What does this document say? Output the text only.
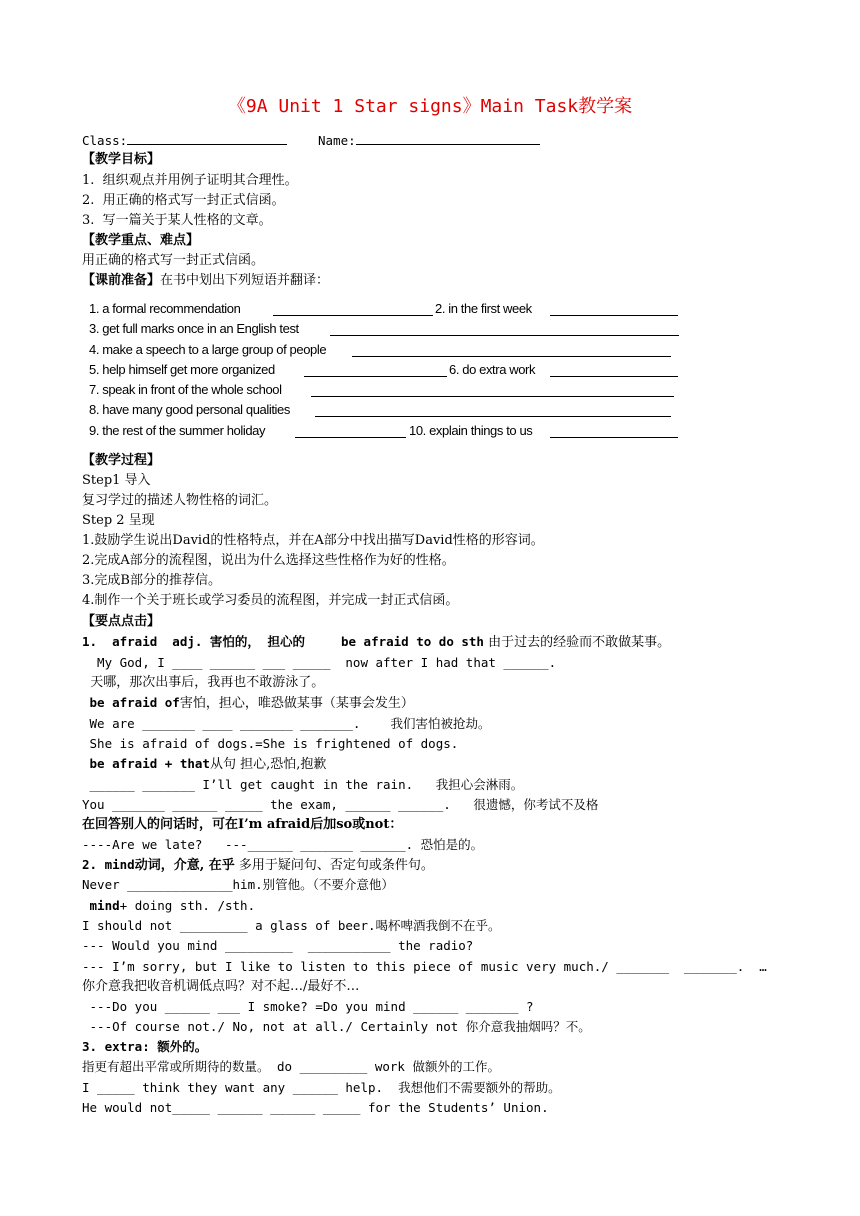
《9A Unit 1 Star signs》Main Task教学案
Class:	Name:
【教学目标】
1.  组织观点并用例子证明其合理性。
2.  用正确的格式写一封正式信函。
3.  写一篇关于某人性格的文章。
【教学重点、难点】
用正确的格式写一封正式信函。
【课前准备】在书中划出下列短语并翻译：
1. a formal recommendation	2. in the first week
3. get full marks once in an English test
4. make a speech to a large group of people
5. help himself get more organized	6. do extra work
7. speak in front of the whole school
8. have many good personal qualities
9. the rest of the summer holiday	10. explain things to us
【教学过程】
Step1 导入
复习学过的描述人物性格的词汇。
Step 2 呈现
1.鼓励学生说出David的性格特点，并在A部分中找出描写David性格的形容词。
2.完成A部分的流程图，说出为什么选择这些性格作为好的性格。
3.完成B部分的推荐信。
4.制作一个关于班长或学习委员的流程图，并完成一封正式信函。
【要点点击】
1.  afraid  adj. 害怕的， 担心的	be afraid to do sth 由于过去的经验而不敢做某事。
My God, I ____ ______ ___ _____  now after I had that ______.
天哪，那次出事后，我再也不敢游泳了。
be afraid of害怕，担心，唯恐做某事（某事会发生）
We are _______ ____ _______ _______.    我们害怕被抢劫。
She is afraid of dogs.=She is frightened of dogs.
be afraid + that从句 担心,恐怕,抱歉
______ _______ I’ll get caught in the rain.   我担心会淋雨。
You _______ ______ _____ the exam, ______ ______.   很遗憾，你考试不及格
在回答别人的问话时，可在I’m afraid后加so或not：
----Are we late?   ---______ _______ ______. 恐怕是的。
2. mind动词，介意, 在乎 多用于疑问句、否定句或条件句。
Never ______________him.别管他。（不要介意他）
mind+ doing sth. /sth.
I should not _________ a glass of beer.喝杯啤酒我倒不在乎。
--- Would you mind _________  ___________ the radio?
--- I’m sorry, but I like to listen to this piece of music very much./ _______  _______.  …
你介意我把收音机调低点吗？对不起…/最好不…
---Do you ______ ___ I smoke? =Do you mind ______ _______ ?
---Of course not./ No, not at all./ Certainly not 你介意我抽烟吗？不。
3. extra: 额外的。
指更有超出平常或所期待的数量。 do _________ work 做额外的工作。
I _____ think they want any ______ help.  我想他们不需要额外的帮助。
He would not_____ ______ ______ _____ for the Students’ Union.
